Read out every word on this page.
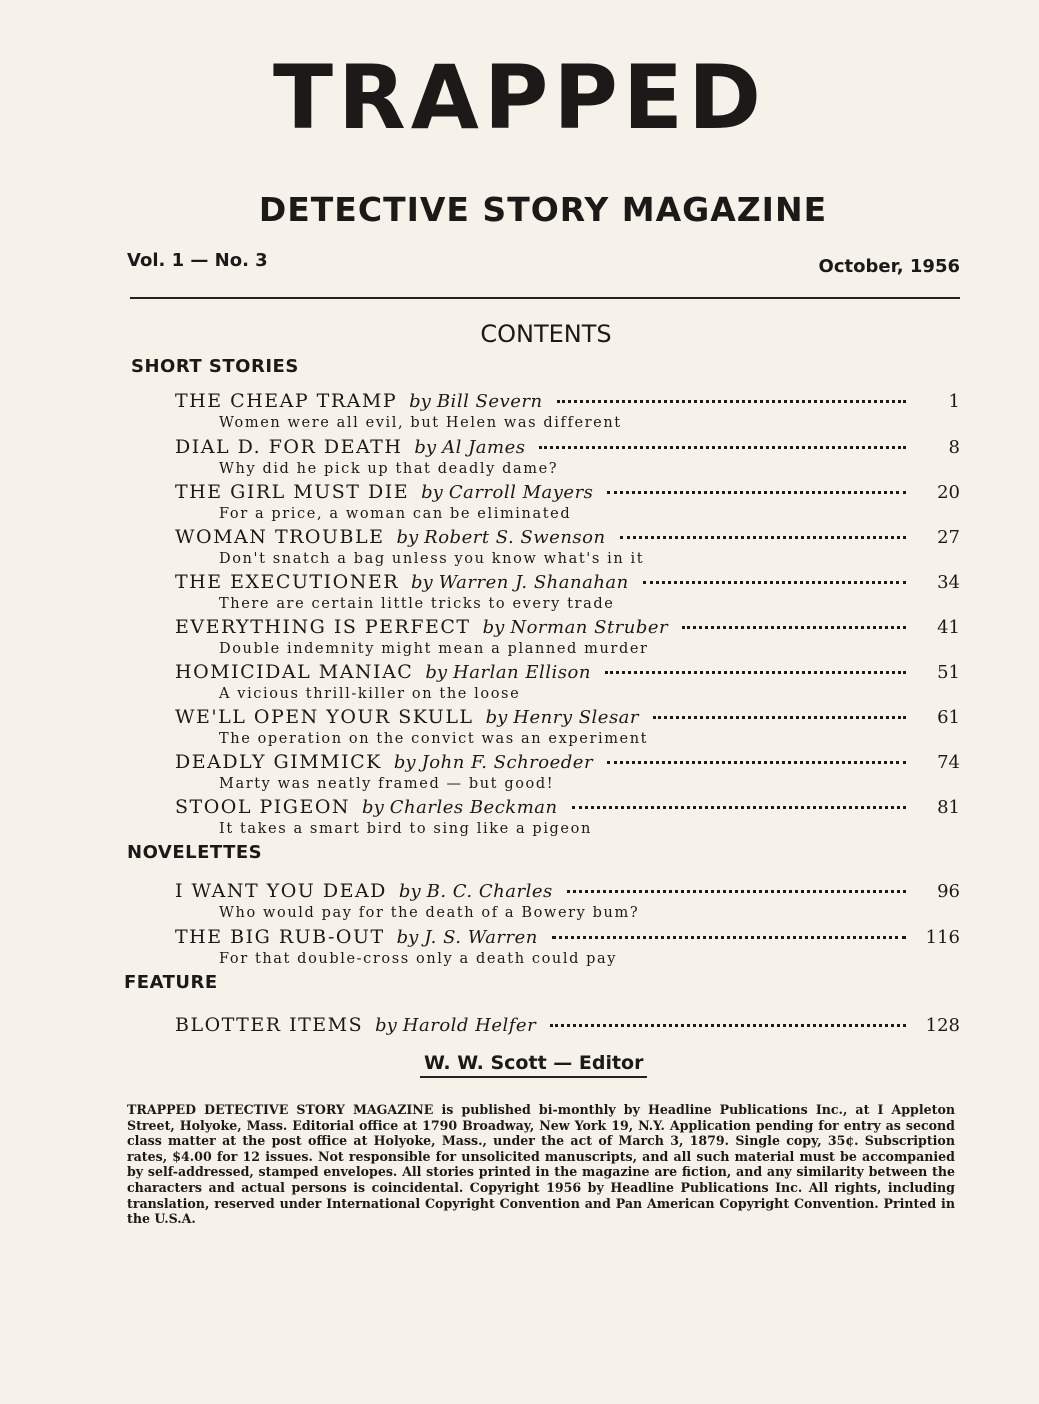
TRAPPED
DETECTIVE STORY MAGAZINE
Vol. 1 — No. 3	October, 1956
CONTENTS
SHORT STORIES
NOVELETTES
FEATURE
THE CHEAP TRAMP by Bill Severn	1
Women were all evil, but Helen was different
DIAL D. FOR DEATH by Al James	8
Why did he pick up that deadly dame?
THE GIRL MUST DIE by Carroll Mayers	20
For a price, a woman can be eliminated
WOMAN TROUBLE by Robert S. Swenson	27
Don't snatch a bag unless you know what's in it
THE EXECUTIONER by Warren J. Shanahan	34
There are certain little tricks to every trade
EVERYTHING IS PERFECT by Norman Struber	41
Double indemnity might mean a planned murder
HOMICIDAL MANIAC by Harlan Ellison	51
A vicious thrill-killer on the loose
WE'LL OPEN YOUR SKULL by Henry Slesar	61
The operation on the convict was an experiment
DEADLY GIMMICK by John F. Schroeder	74
Marty was neatly framed — but good!
STOOL PIGEON by Charles Beckman	81
It takes a smart bird to sing like a pigeon
I WANT YOU DEAD by B. C. Charles	96
Who would pay for the death of a Bowery bum?
THE BIG RUB-OUT by J. S. Warren	116
For that double-cross only a death could pay
BLOTTER ITEMS by Harold Helfer	128
W. W. Scott — Editor
TRAPPED DETECTIVE STORY MAGAZINE is published bi-monthly by Headline Publications Inc., at I Appleton Street, Holyoke, Mass. Editorial office at 1790 Broadway, New York 19, N.Y. Application pending for entry as second class matter at the post office at Holyoke, Mass., under the act of March 3, 1879. Single copy, 35¢. Subscription rates, $4.00 for 12 issues. Not responsible for unsolicited manuscripts, and all such material must be accompanied by self-addressed, stamped envelopes. All stories printed in the magazine are fiction, and any similarity between the characters and actual persons is coincidental. Copyright 1956 by Headline Publications Inc. All rights, including translation, reserved under International Copyright Convention and Pan American Copyright Convention. Printed in the U.S.A.
